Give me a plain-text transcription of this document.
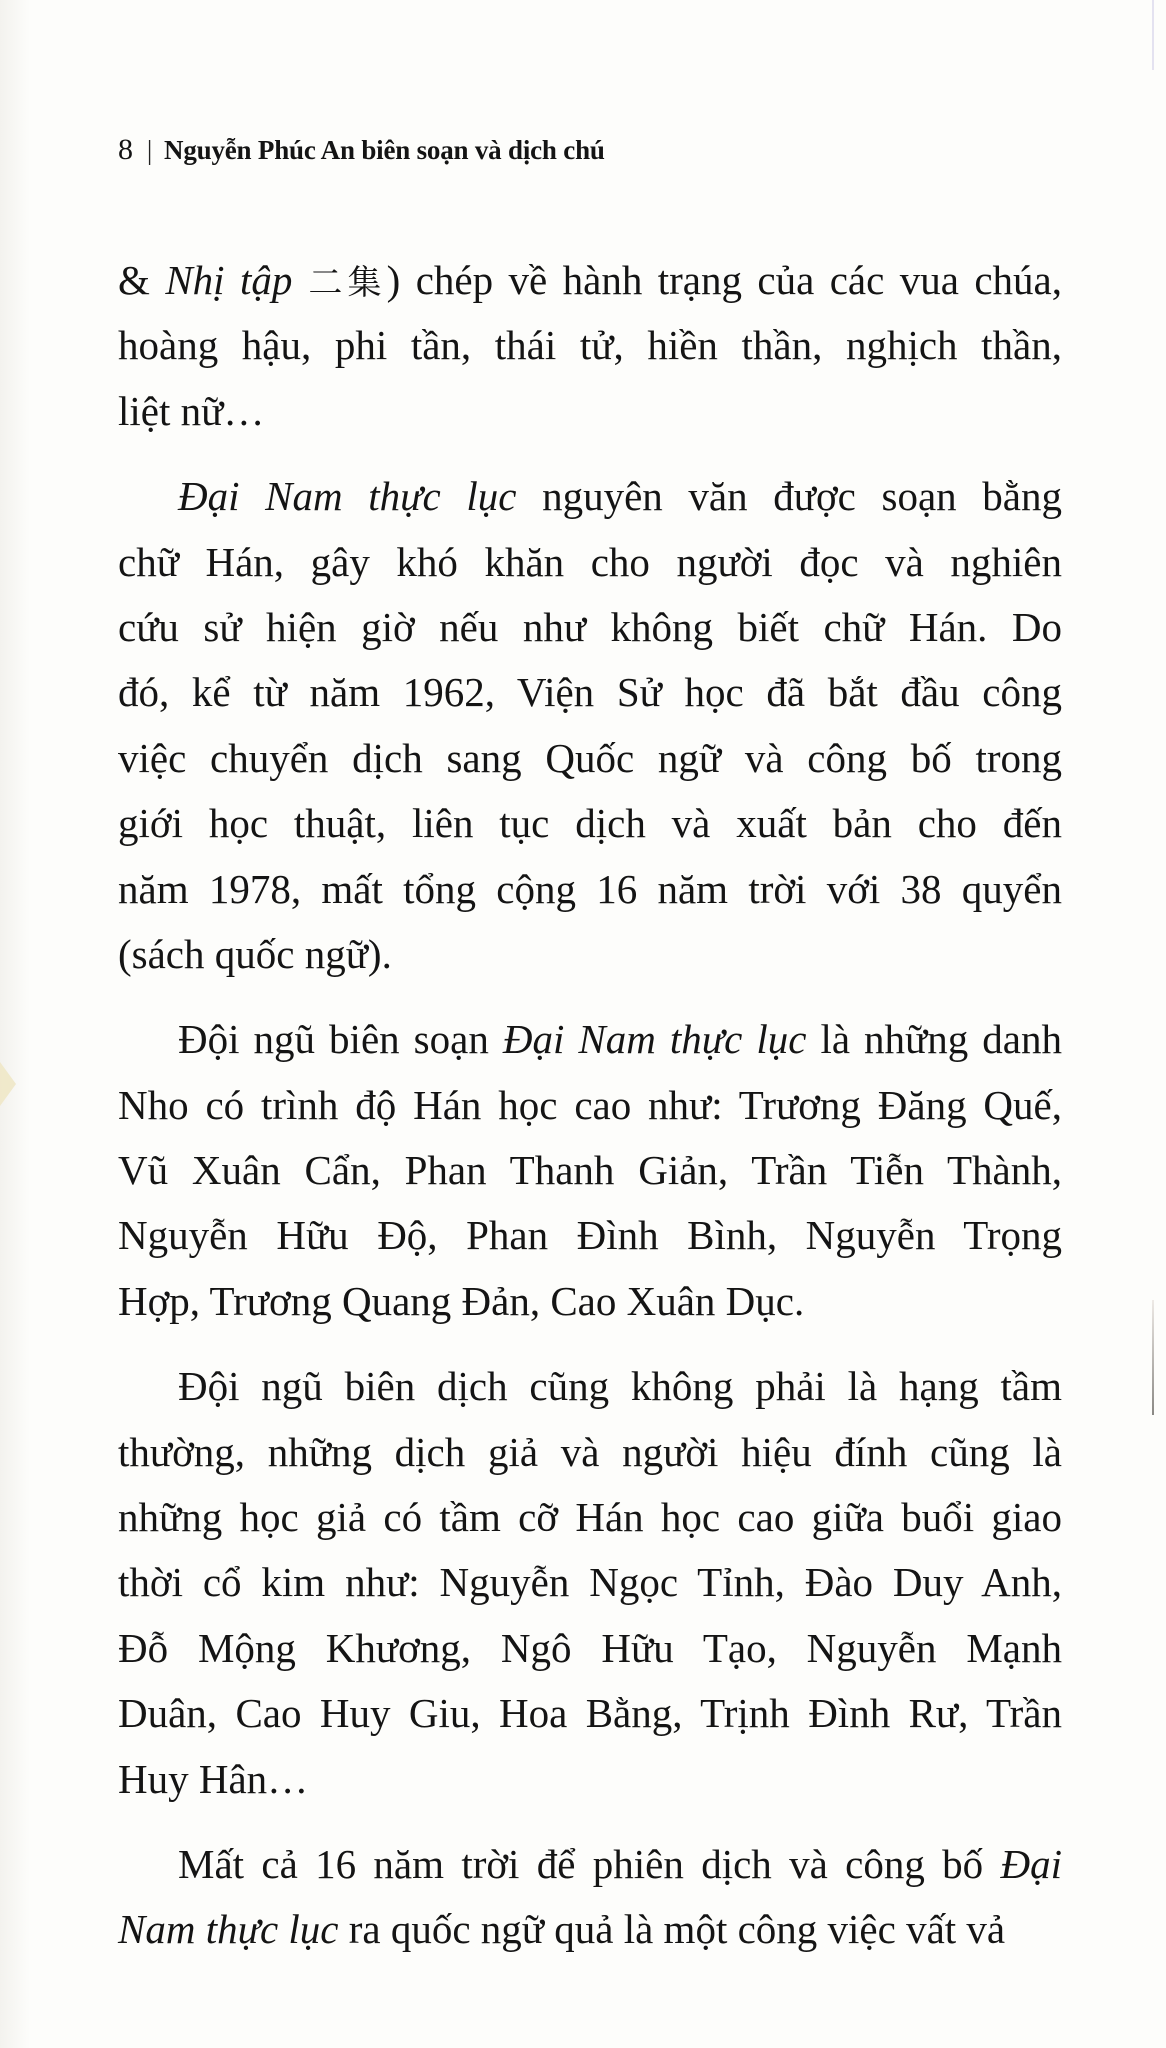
8 | Nguyễn Phúc An biên soạn và dịch chú
& Nhị tập 二集) chép về hành trạng của các vua chúa,
hoàng hậu, phi tần, thái tử, hiền thần, nghịch thần,
liệt nữ…
Đại Nam thực lục nguyên văn được soạn bằng
chữ Hán, gây khó khăn cho người đọc và nghiên
cứu sử hiện giờ nếu như không biết chữ Hán. Do
đó, kể từ năm 1962, Viện Sử học đã bắt đầu công
việc chuyển dịch sang Quốc ngữ và công bố trong
giới học thuật, liên tục dịch và xuất bản cho đến
năm 1978, mất tổng cộng 16 năm trời với 38 quyển
(sách quốc ngữ).
Đội ngũ biên soạn Đại Nam thực lục là những danh
Nho có trình độ Hán học cao như: Trương Đăng Quế,
Vũ Xuân Cẩn, Phan Thanh Giản, Trần Tiễn Thành,
Nguyễn Hữu Độ, Phan Đình Bình, Nguyễn Trọng
Hợp, Trương Quang Đản, Cao Xuân Dục.
Đội ngũ biên dịch cũng không phải là hạng tầm
thường, những dịch giả và người hiệu đính cũng là
những học giả có tầm cỡ Hán học cao giữa buổi giao
thời cổ kim như: Nguyễn Ngọc Tỉnh, Đào Duy Anh,
Đỗ Mộng Khương, Ngô Hữu Tạo, Nguyễn Mạnh
Duân, Cao Huy Giu, Hoa Bằng, Trịnh Đình Rư, Trần
Huy Hân…
Mất cả 16 năm trời để phiên dịch và công bố Đại
Nam thực lục ra quốc ngữ quả là một công việc vất vả
